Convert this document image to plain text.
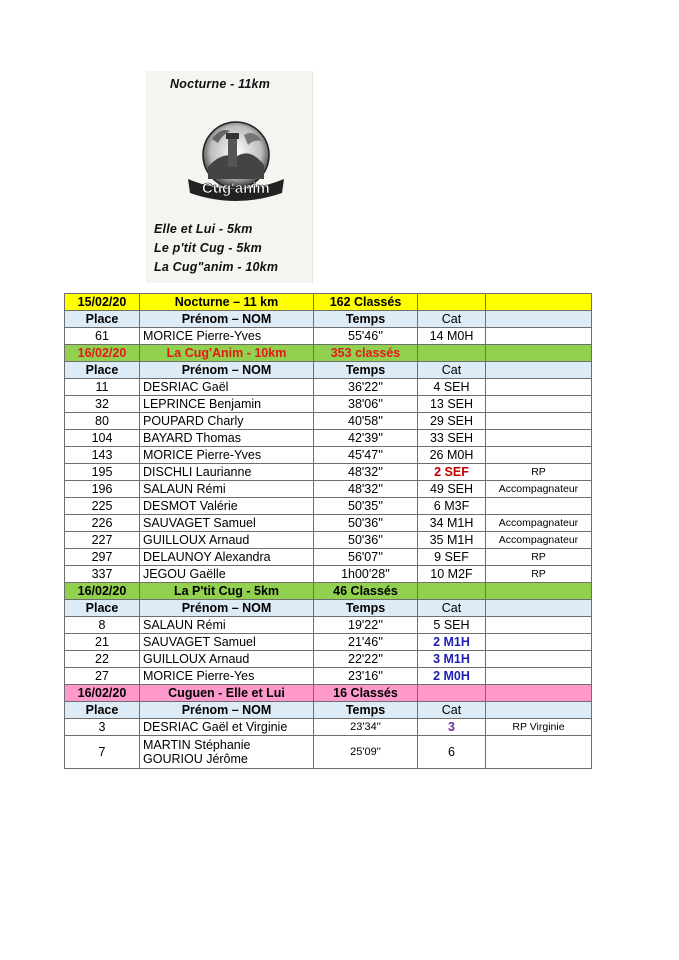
Nocturne - 11km
Cug'anim
Elle et Lui - 5km
Le p'tit Cug - 5km
La Cug"anim - 10km
15/02/20	Nocturne – 11 km	162 Classés		
Place	Prénom – NOM	Temps	Cat	
61	MORICE Pierre-Yves	55'46''	14 M0H	
16/02/20	La Cug'Anim - 10km	353 classés		
Place	Prénom – NOM	Temps	Cat	
11	DESRIAC Gaël	36'22''	4 SEH	
32	LEPRINCE Benjamin	38'06''	13 SEH	
80	POUPARD Charly	40'58''	29 SEH	
104	BAYARD Thomas	42'39''	33 SEH	
143	MORICE Pierre-Yves	45'47''	26 M0H	
195	DISCHLI Laurianne	48'32''	2 SEF	RP
196	SALAUN Rémi	48'32''	49 SEH	Accompagnateur
225	DESMOT Valérie	50'35''	6 M3F	
226	SAUVAGET Samuel	50'36''	34 M1H	Accompagnateur
227	GUILLOUX Arnaud	50'36''	35 M1H	Accompagnateur
297	DELAUNOY Alexandra	56'07''	9 SEF	RP
337	JEGOU Gaëlle	1h00'28''	10 M2F	RP
16/02/20	La P'tit Cug - 5km	46 Classés		
Place	Prénom – NOM	Temps	Cat	
8	SALAUN Rémi	19'22''	5 SEH	
21	SAUVAGET Samuel	21'46''	2 M1H	
22	GUILLOUX Arnaud	22'22''	3 M1H	
27	MORICE Pierre-Yes	23'16''	2 M0H	
16/02/20	Cuguen - Elle et Lui	16 Classés		
Place	Prénom – NOM	Temps	Cat	
3	DESRIAC Gaël et Virginie	23'34''	3	RP Virginie
7	MARTIN Stéphanie GOURIOU Jérôme	25'09''	6	
